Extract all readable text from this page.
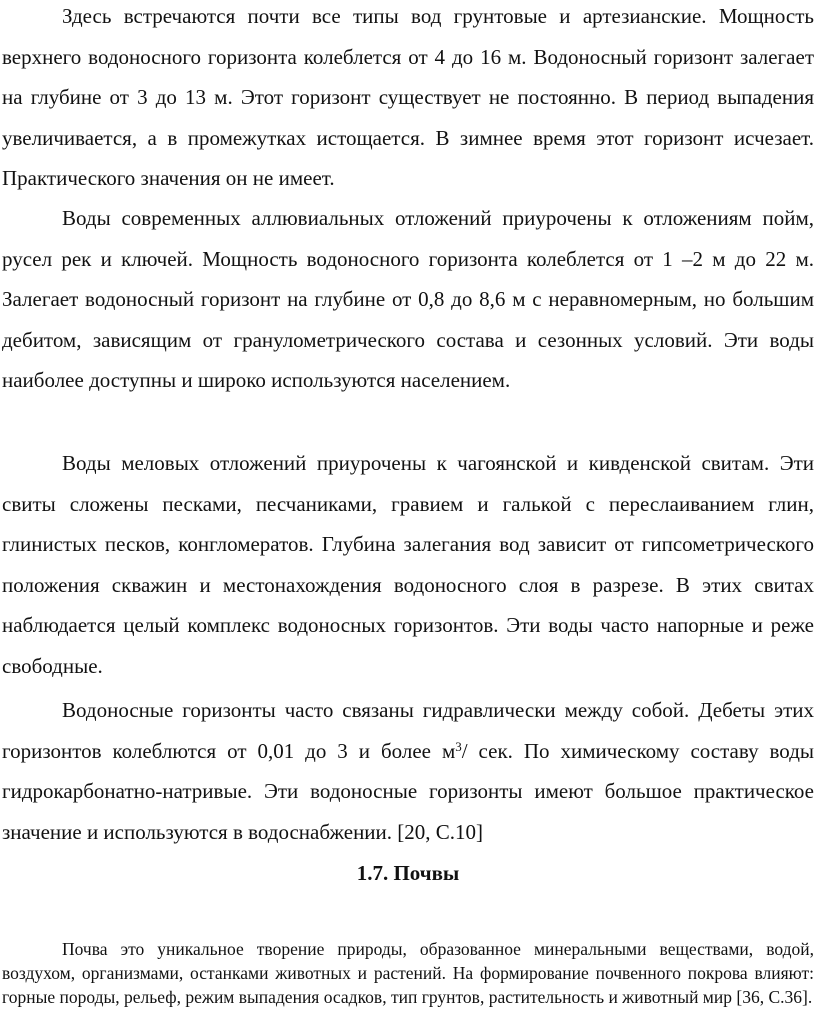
Здесь встречаются почти все типы вод грунтовые и артезианские. Мощность верхнего водоносного горизонта колеблется от 4 до 16 м. Водоносный горизонт залегает на глубине от 3 до 13 м. Этот горизонт существует не постоянно. В период выпадения увеличивается, а в промежутках истощается. В зимнее время этот горизонт исчезает. Практического значения он не имеет.

Воды современных аллювиальных отложений приурочены к отложениям пойм, русел рек и ключей. Мощность водоносного горизонта колеблется от 1 –2 м до 22 м. Залегает водоносный горизонт на глубине от 0,8 до 8,6 м с неравномерным, но большим дебитом, зависящим от гранулометрического состава и сезонных условий. Эти воды наиболее доступны и широко используются населением.

Воды меловых отложений приурочены к чагоянской и кивденской свитам. Эти свиты сложены песками, песчаниками, гравием и галькой с переслаиванием глин, глинистых песков, конгломератов. Глубина залегания вод зависит от гипсометрического положения скважин и местонахождения водоносного слоя в разрезе. В этих свитах наблюдается целый комплекс водоносных горизонтов. Эти воды часто напорные и реже свободные.

Водоносные горизонты часто связаны гидравлически между собой. Дебеты этих горизонтов колеблются от 0,01 до 3 и более $м^3/$ сек. По химическому составу воды гидрокарбонатно-натривые. Эти водоносные горизонты имеют большое практическое значение и используются в водоснабжении. [20, С.10]

1.7. Почвы

Почва это уникальное творение природы, образованное минеральными веществами, водой, воздухом, организмами, останками животных и растений. На формирование почвенного покрова влияют: горные породы, рельеф, режим выпадения осадков, тип грунтов, растительность и животный мир [36, С.36].
